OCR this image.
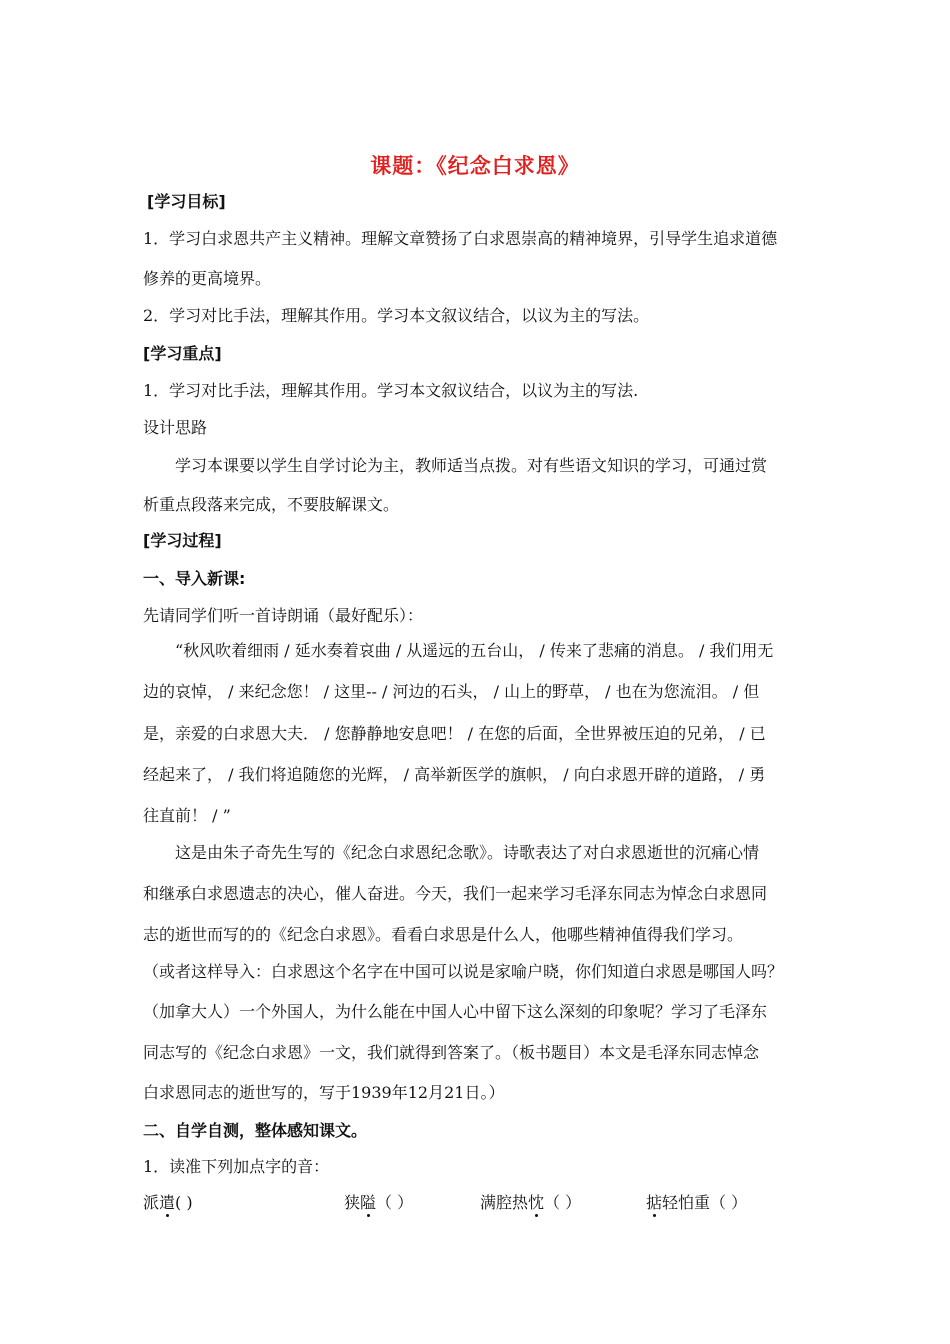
课题：《纪念白求恩》
[学习目标]
1．学习白求恩共产主义精神。理解文章赞扬了白求恩崇高的精神境界，引导学生追求道德
修养的更高境界。
2．学习对比手法，理解其作用。学习本文叙议结合，以议为主的写法。
[学习重点]
1．学习对比手法，理解其作用。学习本文叙议结合，以议为主的写法.
设计思路
学习本课要以学生自学讨论为主，教师适当点拨。对有些语文知识的学习，可通过赏
析重点段落来完成，不要肢解课文。
[学习过程]
一、导入新课:
先请同学们听一首诗朗诵（最好配乐）：
“秋风吹着细雨 / 延水奏着哀曲 / 从遥远的五台山， / 传来了悲痛的消息。 / 我们用无
边的哀悼， / 来纪念您！ / 这里-- / 河边的石头， / 山上的野草， / 也在为您流泪。 / 但
是，亲爱的白求恩大夫． / 您静静地安息吧！ / 在您的后面，全世界被压迫的兄弟， / 已
经起来了， / 我们将追随您的光辉， / 高举新医学的旗帜， / 向白求恩开辟的道路， / 勇
往直前！ / ”
这是由朱子奇先生写的《纪念白求恩纪念歌》。诗歌表达了对白求恩逝世的沉痛心情
和继承白求恩遗志的决心，催人奋进。今天，我们一起来学习毛泽东同志为悼念白求恩同
志的逝世而写的的《纪念白求恩》。看看白求思是什么人，他哪些精神值得我们学习。
（或者这样导入：白求恩这个名字在中国可以说是家喻户晓，你们知道白求恩是哪国人吗？
（加拿大人）一个外国人，为什么能在中国人心中留下这么深刻的印象呢？学习了毛泽东
同志写的《纪念白求恩》一文，我们就得到答案了。（板书题目）本文是毛泽东同志悼念
白求恩同志的逝世写的，写于1939年12月21日。）
二、自学自测，整体感知课文。
1．读准下列加点字的音：
派遣( )	狭隘（ ）	满腔热忱（ ）	掂轻怕重（ ）
